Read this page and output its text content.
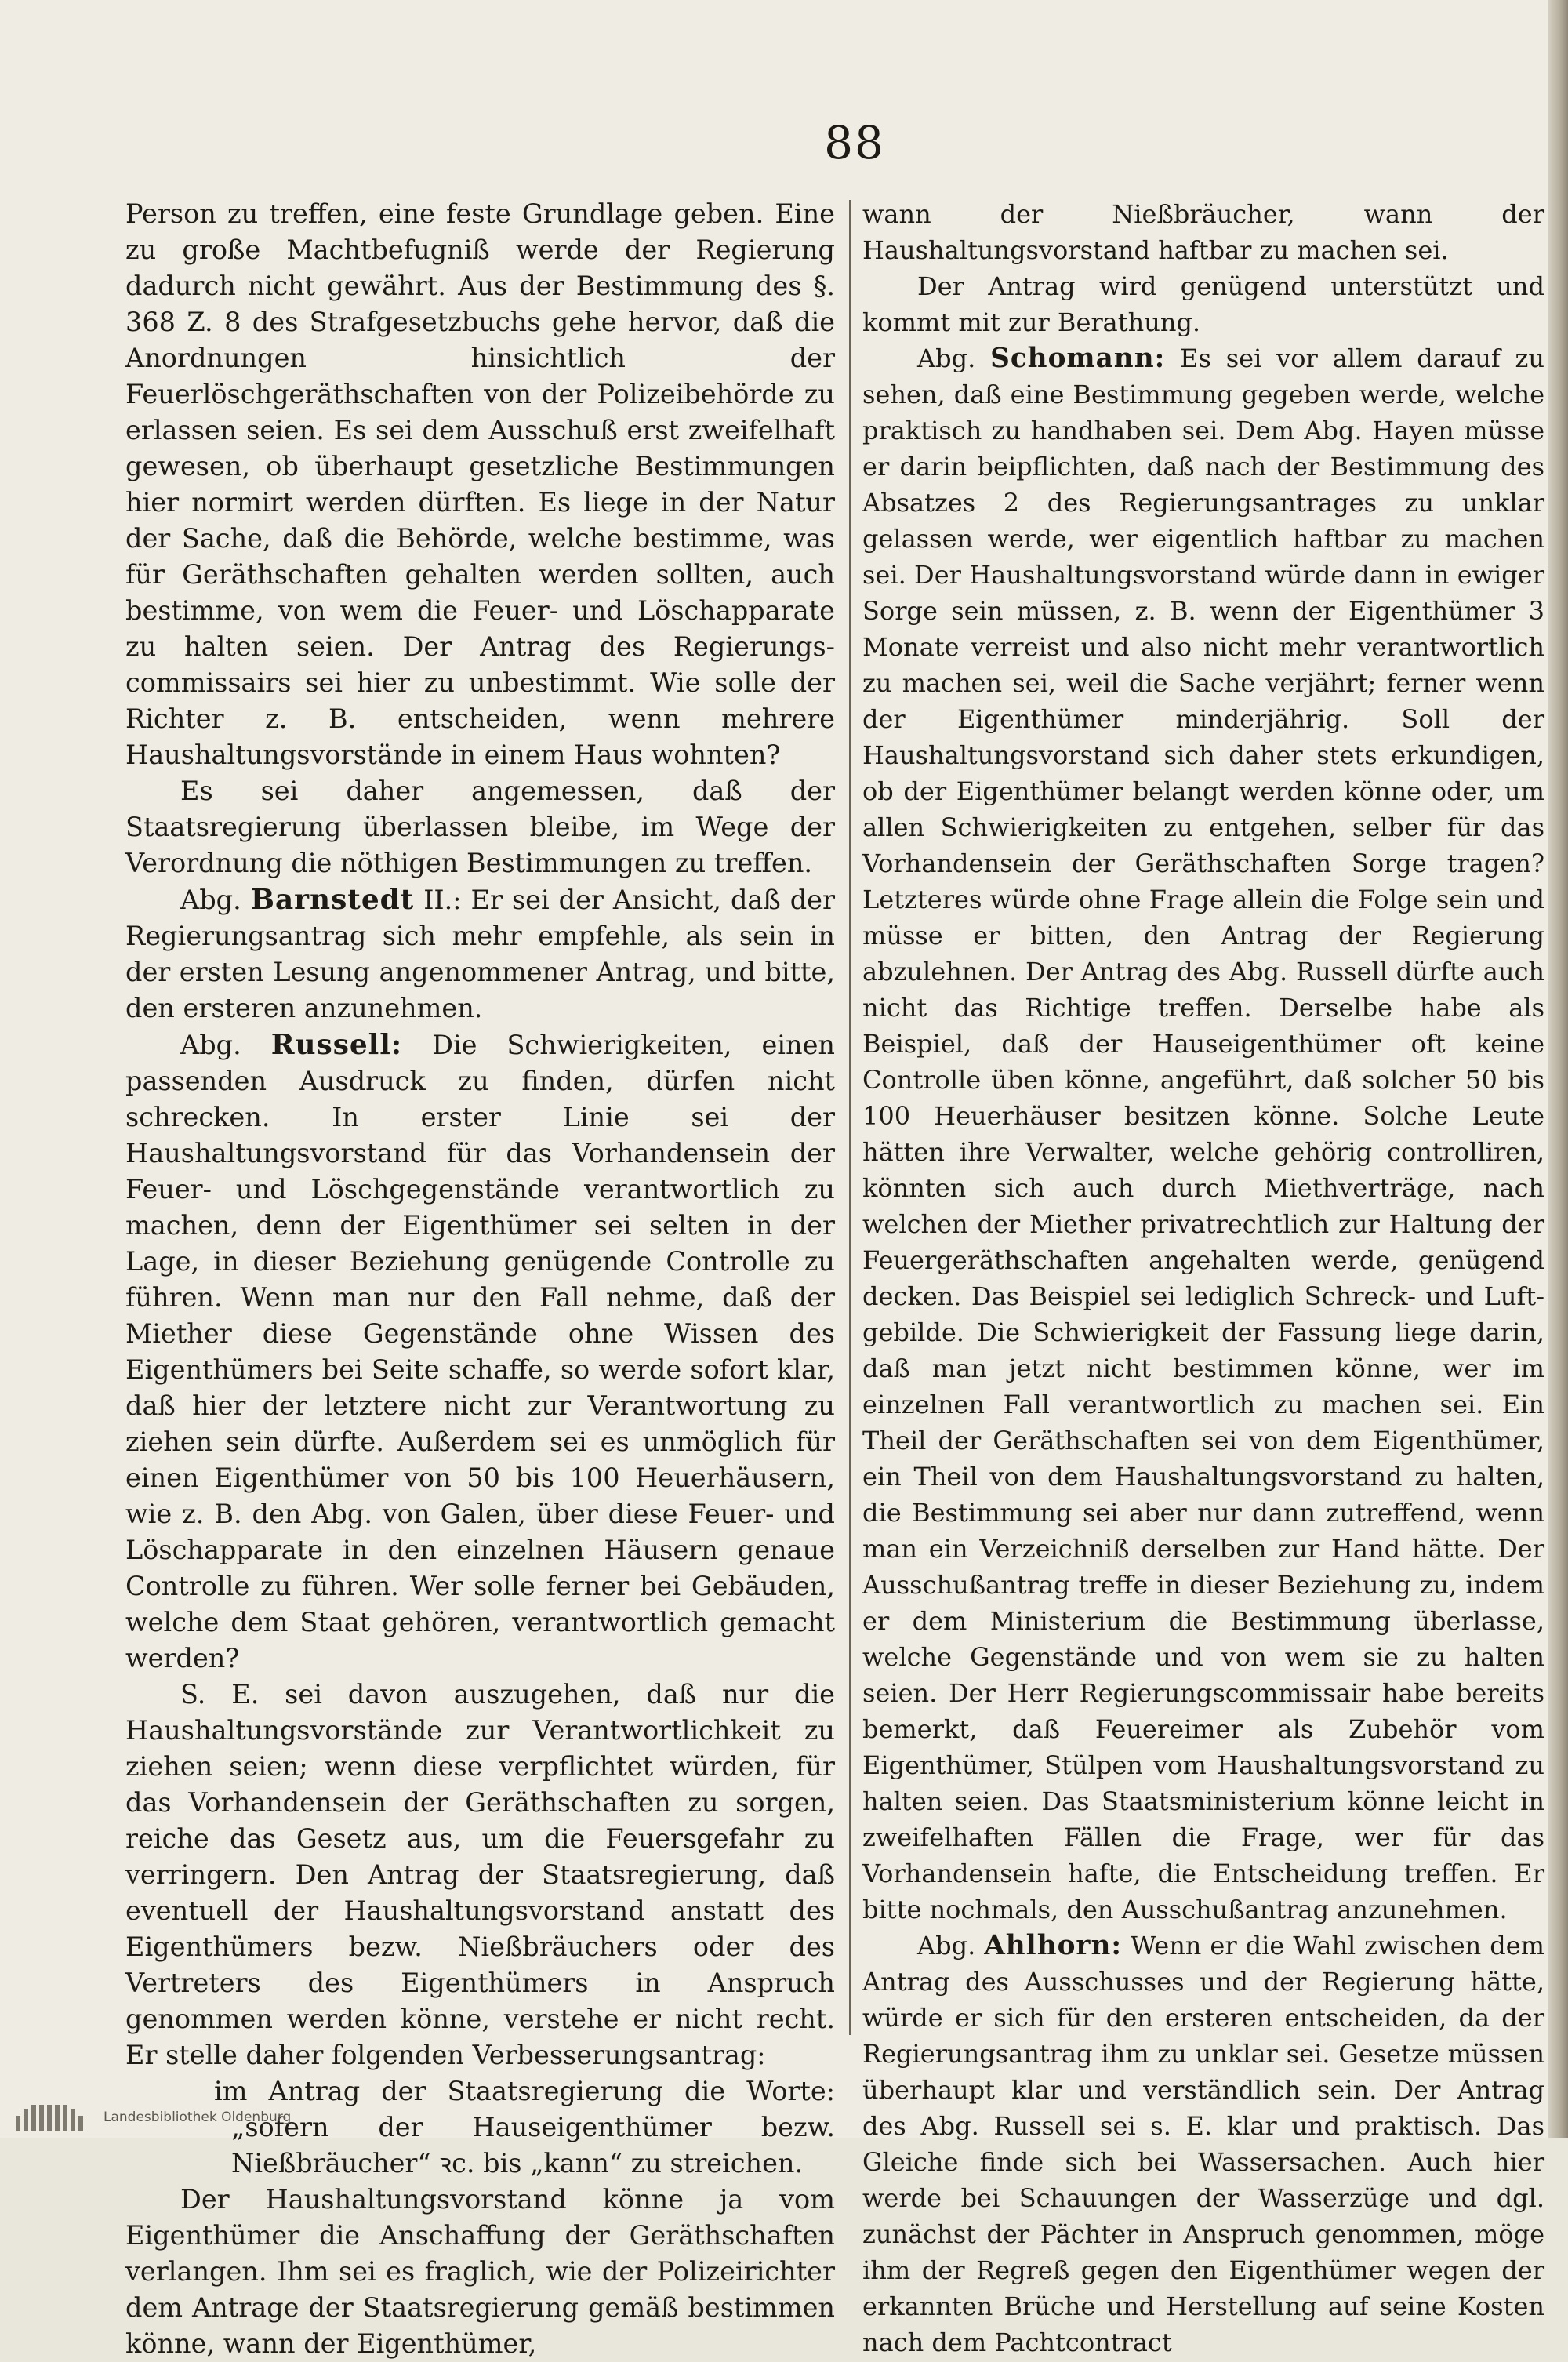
88

Person zu treffen, eine feste Grundlage geben. Eine zu große Machtbefugniß werde der Regierung dadurch nicht gewährt. Aus der Bestimmung des §. 368 Z. 8 des Strafgesetzbuchs gehe hervor, daß die Anordnungen hinsichtlich der Feuerlöschgeräthschaften von der Polizeibehörde zu erlassen seien. Es sei dem Ausschuß erst zweifelhaft gewesen, ob überhaupt gesetzliche Bestimmungen hier normirt werden dürften. Es liege in der Natur der Sache, daß die Behörde, welche bestimme, was für Geräthschaften gehalten werden sollten, auch bestimme, von wem die Feuer- und Löschapparate zu halten seien. Der Antrag des Regierungscommissairs sei hier zu unbestimmt. Wie solle der Richter z. B. entscheiden, wenn mehrere Haushaltungsvorstände in einem Haus wohnten?

Es sei daher angemessen, daß der Staatsregierung überlassen bleibe, im Wege der Verordnung die nöthigen Bestimmungen zu treffen.

Abg. Barnstedt II.: Er sei der Ansicht, daß der Regierungsantrag sich mehr empfehle, als sein in der ersten Lesung angenommener Antrag, und bitte, den ersteren anzunehmen.

Abg. Russell: Die Schwierigkeiten, einen passenden Ausdruck zu finden, dürfen nicht schrecken. In erster Linie sei der Haushaltungsvorstand für das Vorhandensein der Feuer- und Löschgegenstände verantwortlich zu machen, denn der Eigenthümer sei selten in der Lage, in dieser Beziehung genügende Controlle zu führen. Wenn man nur den Fall nehme, daß der Miether diese Gegenstände ohne Wissen des Eigenthümers bei Seite schaffe, so werde sofort klar, daß hier der letztere nicht zur Verantwortung zu ziehen sein dürfte. Außerdem sei es unmöglich für einen Eigenthümer von 50 bis 100 Heuerhäusern, wie z. B. den Abg. von Galen, über diese Feuer- und Löschapparate in den einzelnen Häusern genaue Controlle zu führen. Wer solle ferner bei Gebäuden, welche dem Staat gehören, verantwortlich gemacht werden?

S. E. sei davon auszugehen, daß nur die Haushaltungsvorstände zur Verantwortlichkeit zu ziehen seien; wenn diese verpflichtet würden, für das Vorhandensein der Geräthschaften zu sorgen, reiche das Gesetz aus, um die Feuersgefahr zu verringern. Den Antrag der Staatsregierung, daß eventuell der Haushaltungsvorstand anstatt des Eigenthümers bezw. Nießbräuchers oder des Vertreters des Eigenthümers in Anspruch genommen werden könne, verstehe er nicht recht. Er stelle daher folgenden Verbesserungsantrag:

im Antrag der Staatsregierung die Worte: „sofern der Hauseigenthümer bezw. Nießbräucher“ ꝛc. bis „kann“ zu streichen.

Der Haushaltungsvorstand könne ja vom Eigenthümer die Anschaffung der Geräthschaften verlangen. Ihm sei es fraglich, wie der Polizeirichter dem Antrage der Staatsregierung gemäß bestimmen könne, wann der Eigenthümer,

wann der Nießbräucher, wann der Haushaltungsvorstand haftbar zu machen sei.

Der Antrag wird genügend unterstützt und kommt mit zur Berathung.

Abg. Schomann: Es sei vor allem darauf zu sehen, daß eine Bestimmung gegeben werde, welche praktisch zu handhaben sei. Dem Abg. Hayen müsse er darin beipflichten, daß nach der Bestimmung des Absatzes 2 des Regierungsantrages zu unklar gelassen werde, wer eigentlich haftbar zu machen sei. Der Haushaltungsvorstand würde dann in ewiger Sorge sein müssen, z. B. wenn der Eigenthümer 3 Monate verreist und also nicht mehr verantwortlich zu machen sei, weil die Sache verjährt; ferner wenn der Eigenthümer minderjährig. Soll der Haushaltungsvorstand sich daher stets erkundigen, ob der Eigenthümer belangt werden könne oder, um allen Schwierigkeiten zu entgehen, selber für das Vorhandensein der Geräthschaften Sorge tragen? Letzteres würde ohne Frage allein die Folge sein und müsse er bitten, den Antrag der Regierung abzulehnen. Der Antrag des Abg. Russell dürfte auch nicht das Richtige treffen. Derselbe habe als Beispiel, daß der Hauseigenthümer oft keine Controlle üben könne, angeführt, daß solcher 50 bis 100 Heuerhäuser besitzen könne. Solche Leute hätten ihre Verwalter, welche gehörig controlliren, könnten sich auch durch Miethverträge, nach welchen der Miether privatrechtlich zur Haltung der Feuergeräthschaften angehalten werde, genügend decken. Das Beispiel sei lediglich Schreck- und Luftgebilde. Die Schwierigkeit der Fassung liege darin, daß man jetzt nicht bestimmen könne, wer im einzelnen Fall verantwortlich zu machen sei. Ein Theil der Geräthschaften sei von dem Eigenthümer, ein Theil von dem Haushaltungsvorstand zu halten, die Bestimmung sei aber nur dann zutreffend, wenn man ein Verzeichniß derselben zur Hand hätte. Der Ausschußantrag treffe in dieser Beziehung zu, indem er dem Ministerium die Bestimmung überlasse, welche Gegenstände und von wem sie zu halten seien. Der Herr Regierungscommissair habe bereits bemerkt, daß Feuereimer als Zubehör vom Eigenthümer, Stülpen vom Haushaltungsvorstand zu halten seien. Das Staatsministerium könne leicht in zweifelhaften Fällen die Frage, wer für das Vorhandensein hafte, die Entscheidung treffen. Er bitte nochmals, den Ausschußantrag anzunehmen.

Abg. Ahlhorn: Wenn er die Wahl zwischen dem Antrag des Ausschusses und der Regierung hätte, würde er sich für den ersteren entscheiden, da der Regierungsantrag ihm zu unklar sei. Gesetze müssen überhaupt klar und verständlich sein. Der Antrag des Abg. Russell sei s. E. klar und praktisch. Das Gleiche finde sich bei Wassersachen. Auch hier werde bei Schauungen der Wasserzüge und dgl. zunächst der Pächter in Anspruch genommen, möge ihm der Regreß gegen den Eigenthümer wegen der erkannten Brüche und Herstellung auf seine Kosten nach dem Pachtcontract

Landesbibliothek Oldenburg
